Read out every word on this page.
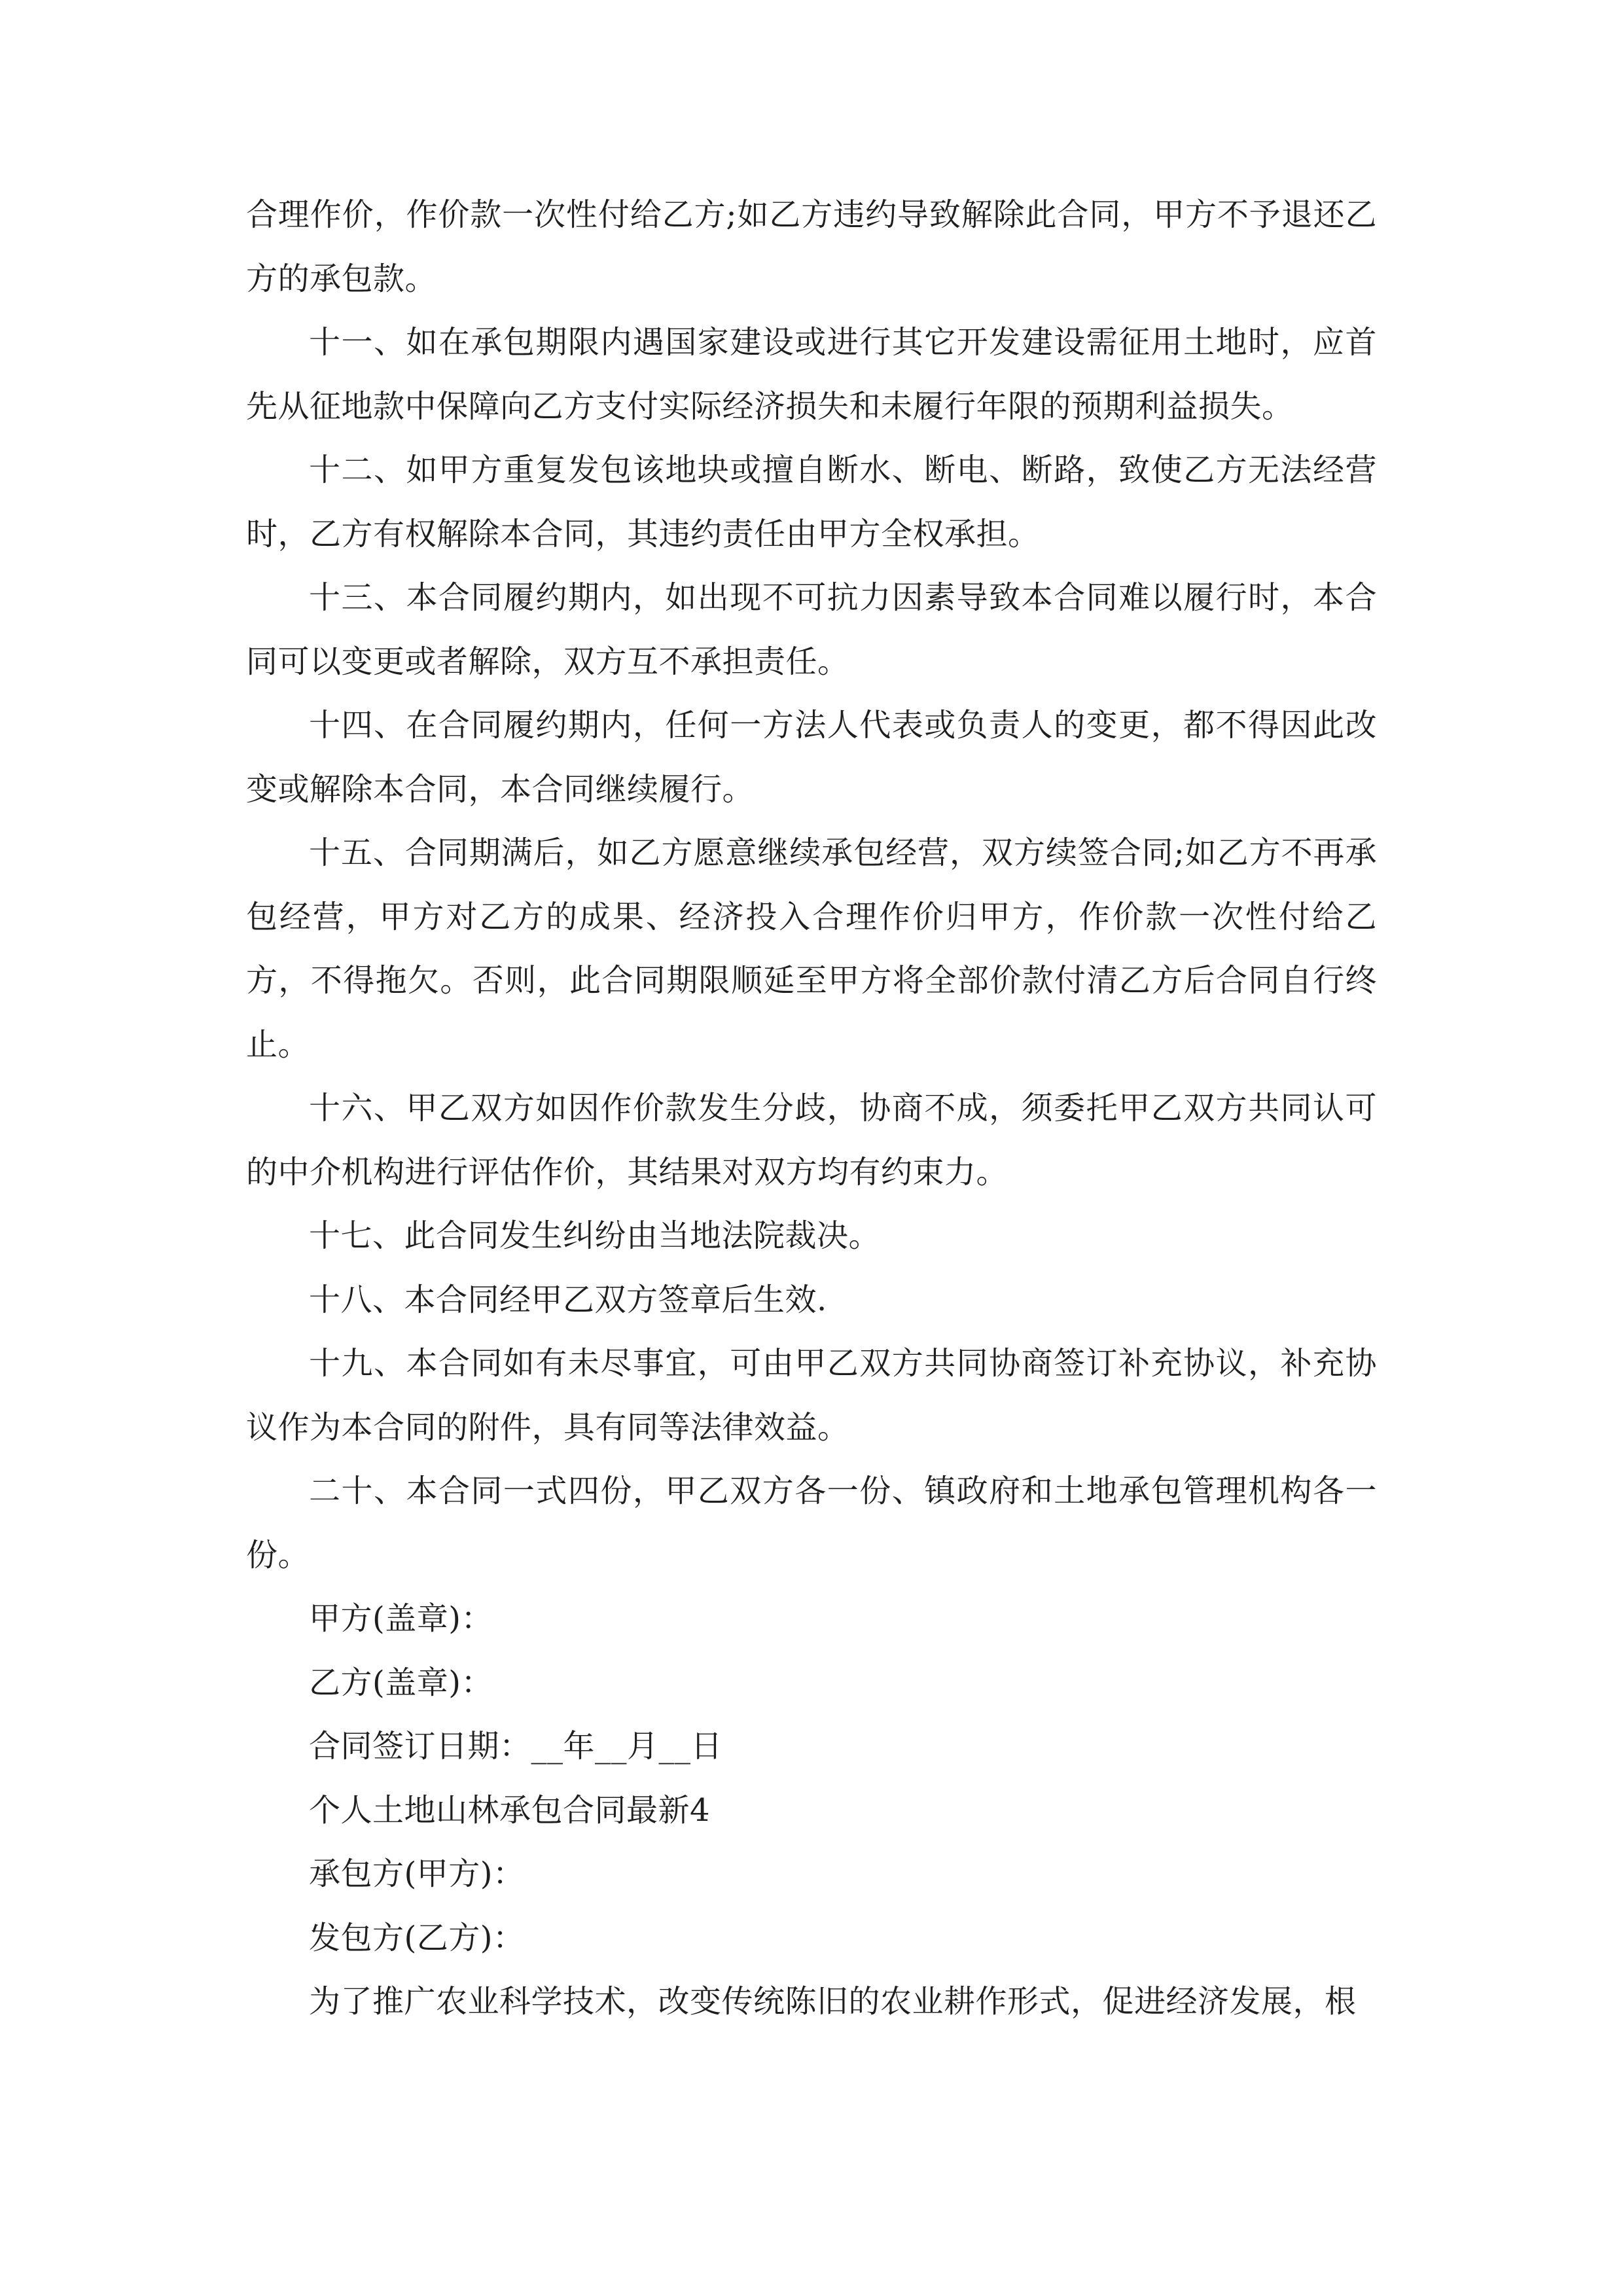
合理作价，作价款一次性付给乙方;如乙方违约导致解除此合同，甲方不予退还乙方的承包款。

十一、如在承包期限内遇国家建设或进行其它开发建设需征用土地时，应首先从征地款中保障向乙方支付实际经济损失和未履行年限的预期利益损失。

十二、如甲方重复发包该地块或擅自断水、断电、断路，致使乙方无法经营时，乙方有权解除本合同，其违约责任由甲方全权承担。

十三、本合同履约期内，如出现不可抗力因素导致本合同难以履行时，本合同可以变更或者解除，双方互不承担责任。

十四、在合同履约期内，任何一方法人代表或负责人的变更，都不得因此改变或解除本合同，本合同继续履行。

十五、合同期满后，如乙方愿意继续承包经营，双方续签合同;如乙方不再承包经营，甲方对乙方的成果、经济投入合理作价归甲方，作价款一次性付给乙方，不得拖欠。否则，此合同期限顺延至甲方将全部价款付清乙方后合同自行终止。

十六、甲乙双方如因作价款发生分歧，协商不成，须委托甲乙双方共同认可的中介机构进行评估作价，其结果对双方均有约束力。

十七、此合同发生纠纷由当地法院裁决。

十八、本合同经甲乙双方签章后生效.

十九、本合同如有未尽事宜，可由甲乙双方共同协商签订补充协议，补充协议作为本合同的附件，具有同等法律效益。

二十、本合同一式四份，甲乙双方各一份、镇政府和土地承包管理机构各一份。

甲方(盖章)：

乙方(盖章)：

合同签订日期：__年__月__日

个人土地山林承包合同最新4

承包方(甲方)：

发包方(乙方)：

为了推广农业科学技术，改变传统陈旧的农业耕作形式，促进经济发展，根
